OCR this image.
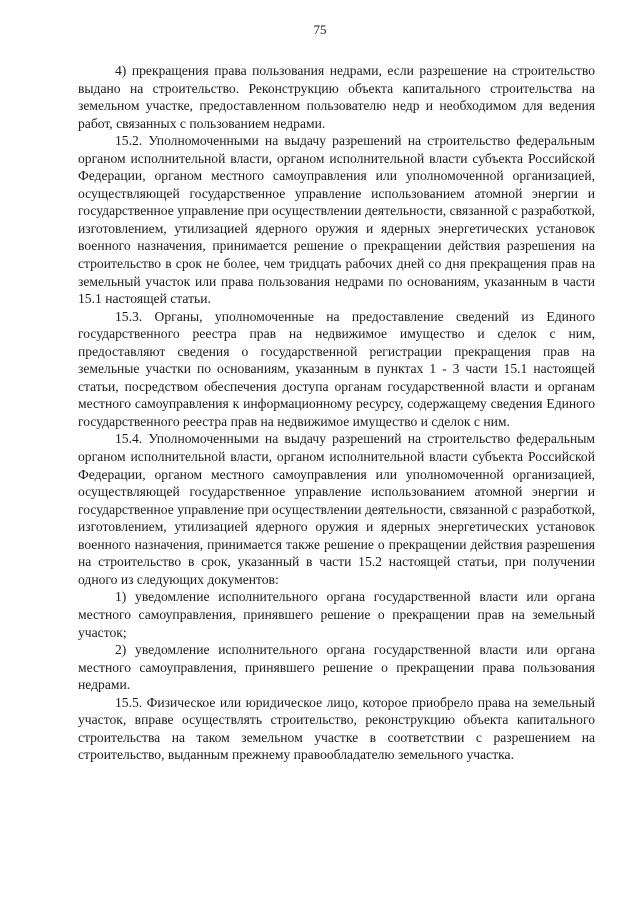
75

4) прекращения права пользования недрами, если разрешение на строительство выдано на строительство. Реконструкцию объекта капитального строительства на земельном участке, предоставленном пользователю недр и необходимом для ведения работ, связанных с пользованием недрами.

15.2. Уполномоченными на выдачу разрешений на строительство федеральным органом исполнительной власти, органом исполнительной власти субъекта Российской Федерации, органом местного самоуправления или уполномоченной организацией, осуществляющей государственное управление использованием атомной энергии и государственное управление при осуществлении деятельности, связанной с разработкой, изготовлением, утилизацией ядерного оружия и ядерных энергетических установок военного назначения, принимается решение о прекращении действия разрешения на строительство в срок не более, чем тридцать рабочих дней со дня прекращения прав на земельный участок или права пользования недрами по основаниям, указанным в части 15.1 настоящей статьи.

15.3. Органы, уполномоченные на предоставление сведений из Единого государственного реестра прав на недвижимое имущество и сделок с ним, предоставляют сведения о государственной регистрации прекращения прав на земельные участки по основаниям, указанным в пунктах 1 - 3 части 15.1 настоящей статьи, посредством обеспечения доступа органам государственной власти и органам местного самоуправления к информационному ресурсу, содержащему сведения Единого государственного реестра прав на недвижимое имущество и сделок с ним.

15.4. Уполномоченными на выдачу разрешений на строительство федеральным органом исполнительной власти, органом исполнительной власти субъекта Российской Федерации, органом местного самоуправления или уполномоченной организацией, осуществляющей государственное управление использованием атомной энергии и государственное управление при осуществлении деятельности, связанной с разработкой, изготовлением, утилизацией ядерного оружия и ядерных энергетических установок военного назначения, принимается также решение о прекращении действия разрешения на строительство в срок, указанный в части 15.2 настоящей статьи, при получении одного из следующих документов:

1) уведомление исполнительного органа государственной власти или органа местного самоуправления, принявшего решение о прекращении прав на земельный участок;

2) уведомление исполнительного органа государственной власти или органа местного самоуправления, принявшего решение о прекращении права пользования недрами.

15.5. Физическое или юридическое лицо, которое приобрело права на земельный участок, вправе осуществлять строительство, реконструкцию объекта капитального строительства на таком земельном участке в соответствии с разрешением на строительство, выданным прежнему правообладателю земельного участка.
